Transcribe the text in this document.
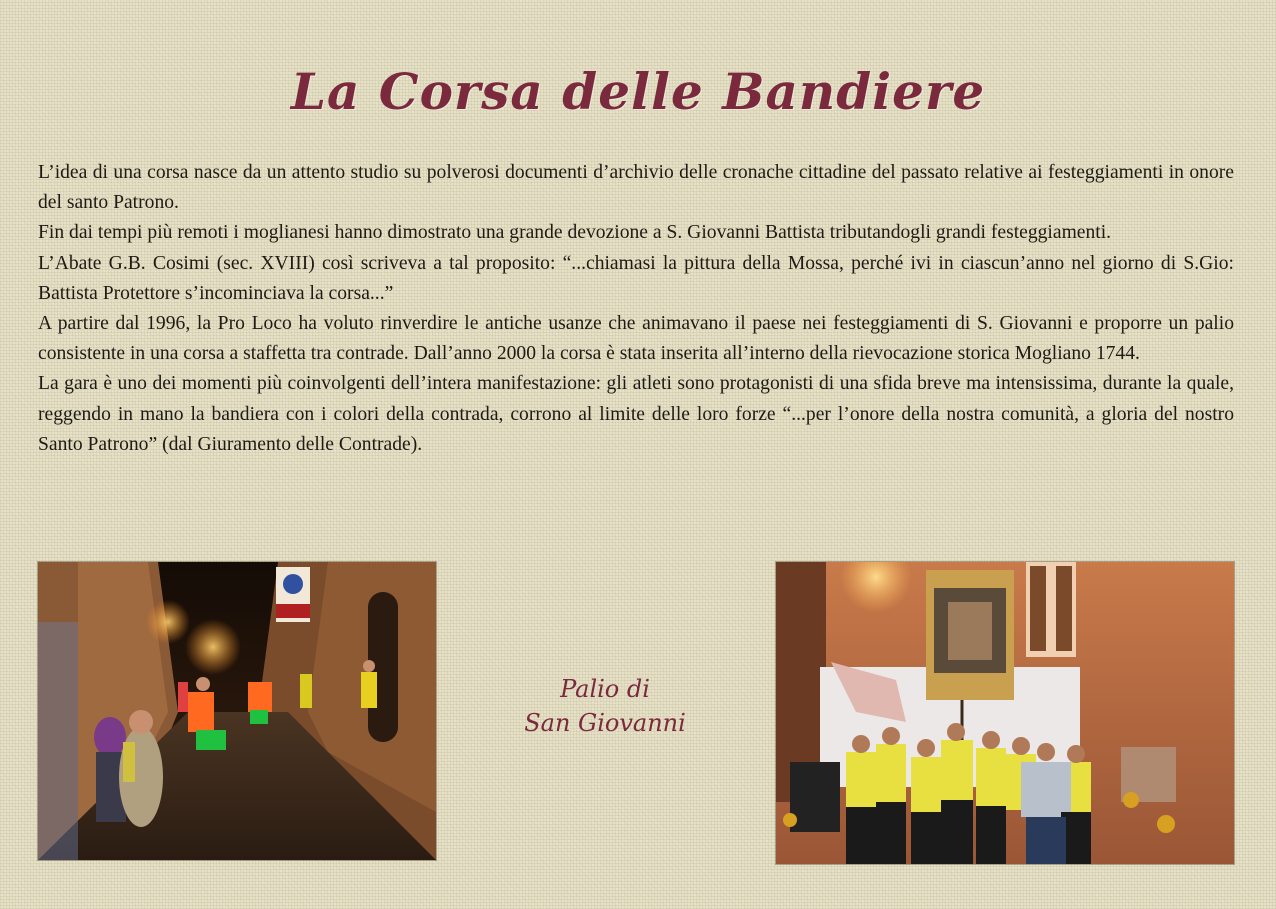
La Corsa delle Bandiere

L’idea di una corsa nasce da un attento studio su polverosi documenti d’archivio delle cronache cittadine del passato relative ai festeggiamenti in onore del santo Patrono.

Fin dai tempi più remoti i moglianesi hanno dimostrato una grande devozione a S. Giovanni Battista tributandogli grandi festeggiamenti.

L’Abate G.B. Cosimi (sec. XVIII) così scriveva a tal proposito: “...chiamasi la pittura della Mossa, perché ivi in ciascun’anno nel giorno di S.Gio: Battista Protettore s’incominciava la corsa...”

A partire dal 1996, la Pro Loco ha voluto rinverdire le antiche usanze che animavano il paese nei festeggiamenti di S. Giovanni e proporre un palio consistente in una corsa a staffetta tra contrade. Dall’anno 2000 la corsa è stata inserita all’interno della rievocazione storica Mogliano 1744.

La gara è uno dei momenti più coinvolgenti dell’intera manifestazione: gli atleti sono protagonisti di una sfida breve ma intensissima, durante la quale, reggendo in mano la bandiera con i colori della contrada, corrono al limite delle loro forze “...per l’onore della nostra comunità, a gloria del nostro Santo Patrono” (dal Giuramento delle Contrade).

Palio di
San Giovanni
